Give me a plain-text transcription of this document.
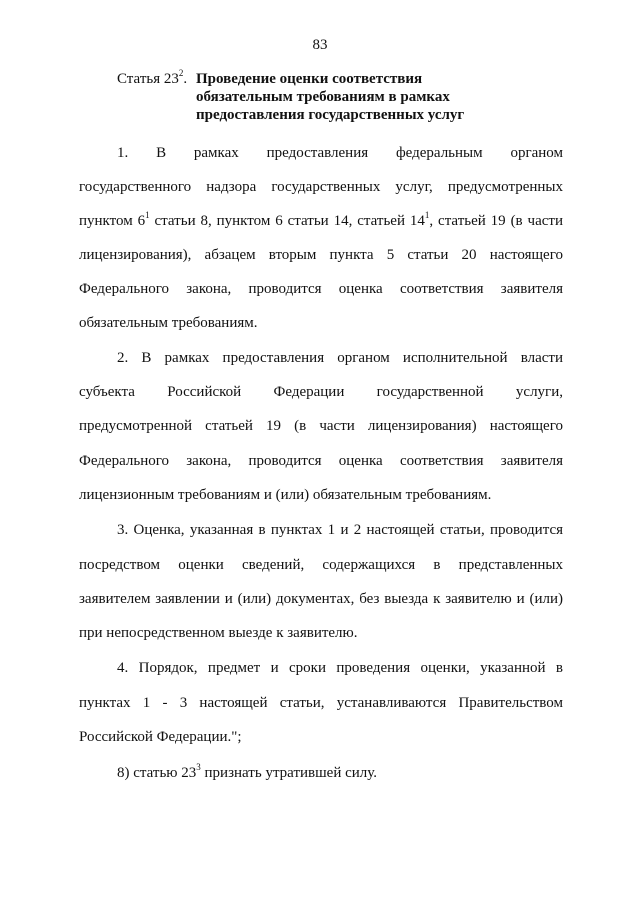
83
Статья $23^2$. Проведение оценки соответствия
обязательным требованиям в рамках
предоставления государственных услуг
1. В рамках предоставления федеральным органом
государственного надзора государственных услуг, предусмотренных
пунктом $6^1$ статьи 8, пунктом 6 статьи 14, статьей $14^1$, статьей 19 (в части
лицензирования), абзацем вторым пункта 5 статьи 20 настоящего
Федерального закона, проводится оценка соответствия заявителя
обязательным требованиям.
2. В рамках предоставления органом исполнительной власти
субъекта Российской Федерации государственной услуги,
предусмотренной статьей 19 (в части лицензирования) настоящего
Федерального закона, проводится оценка соответствия заявителя
лицензионным требованиям и (или) обязательным требованиям.
3. Оценка, указанная в пунктах 1 и 2 настоящей статьи, проводится
посредством оценки сведений, содержащихся в представленных
заявителем заявлении и (или) документах, без выезда к заявителю и (или)
при непосредственном выезде к заявителю.
4. Порядок, предмет и сроки проведения оценки, указанной в
пунктах 1 - 3 настоящей статьи, устанавливаются Правительством
Российской Федерации.";
8) статью $23^3$ признать утратившей силу.
